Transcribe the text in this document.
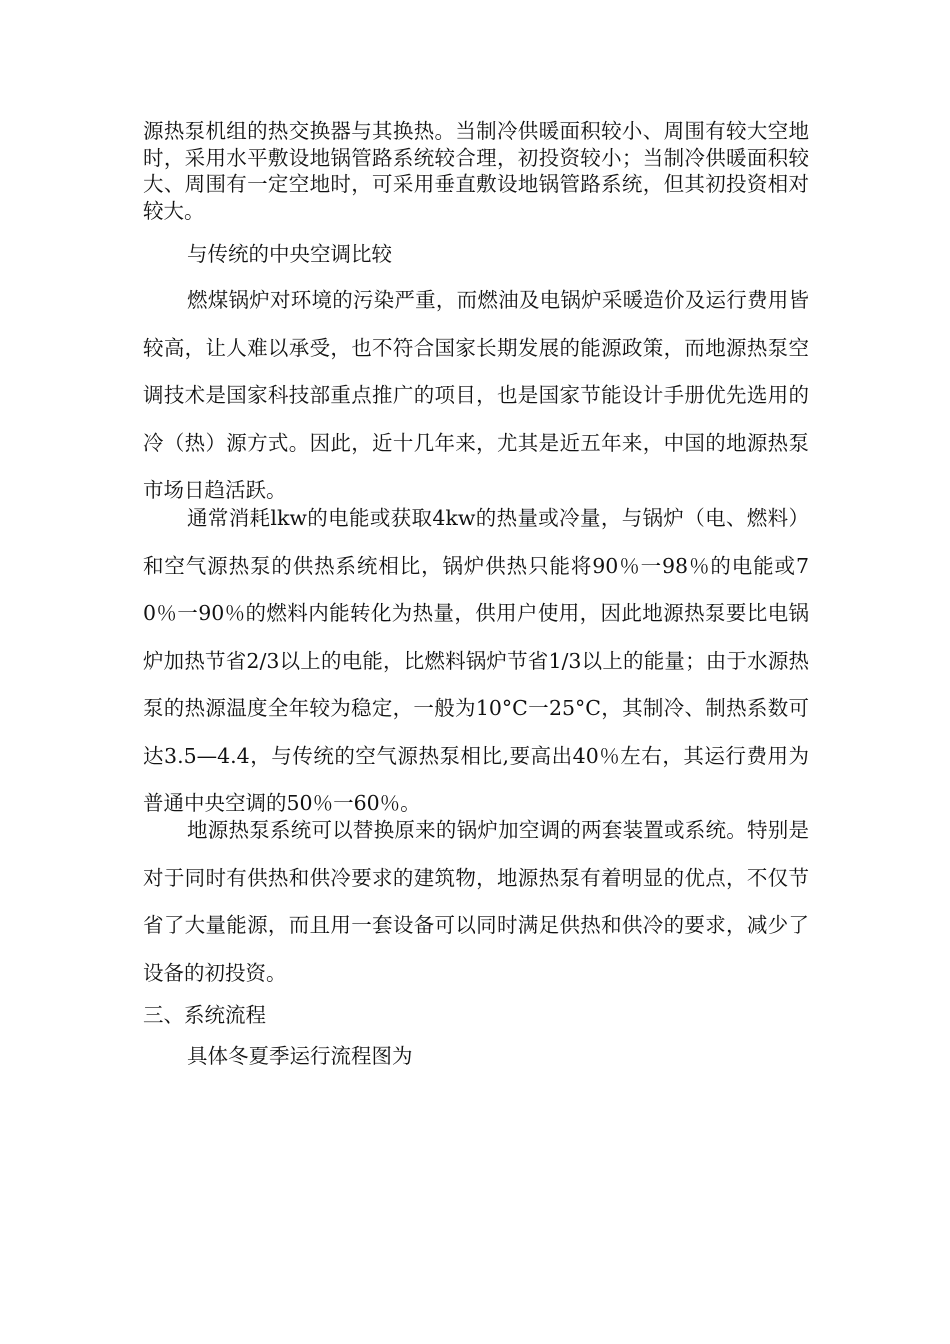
源热泵机组的热交换器与其换热。当制冷供暖面积较小、周围有较大空地时，采用水平敷设地锅管路系统较合理，初投资较小；当制冷供暖面积较大、周围有一定空地时，可采用垂直敷设地锅管路系统，但其初投资相对较大。

与传统的中央空调比较

燃煤锅炉对环境的污染严重，而燃油及电锅炉采暖造价及运行费用皆较高，让人难以承受，也不符合国家长期发展的能源政策，而地源热泵空调技术是国家科技部重点推广的项目，也是国家节能设计手册优先选用的冷（热）源方式。因此，近十几年来，尤其是近五年来，中国的地源热泵市场日趋活跃。

通常消耗lkw的电能或获取4kw的热量或冷量，与锅炉（电、燃料）和空气源热泵的供热系统相比，锅炉供热只能将90％一98％的电能或70％一90％的燃料内能转化为热量，供用户使用，因此地源热泵要比电锅炉加热节省2/3以上的电能，比燃料锅炉节省1/3以上的能量；由于水源热泵的热源温度全年较为稳定，一般为10°C一25°C，其制冷、制热系数可达3.5—4.4，与传统的空气源热泵相比,要高出40％左右，其运行费用为普通中央空调的50％一60％。

地源热泵系统可以替换原来的锅炉加空调的两套装置或系统。特别是对于同时有供热和供冷要求的建筑物，地源热泵有着明显的优点，不仅节省了大量能源，而且用一套设备可以同时满足供热和供冷的要求，减少了设备的初投资。

三、系统流程

具体冬夏季运行流程图为
